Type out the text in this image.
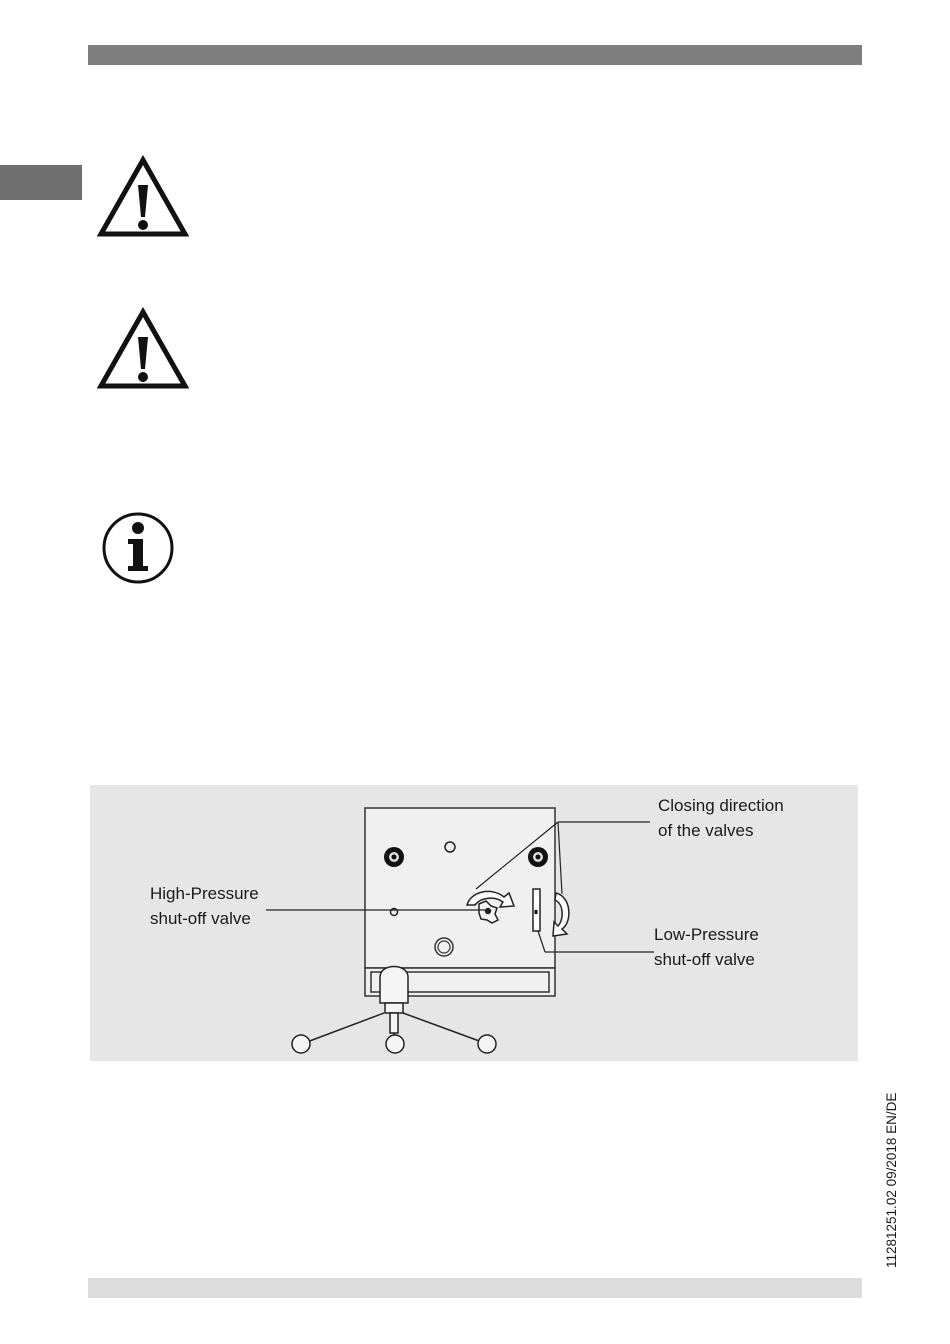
Closing direction
of the valves
High-Pressure
shut-off valve
Low-Pressure
shut-off valve
11281251.02 09/2018 EN/DE
